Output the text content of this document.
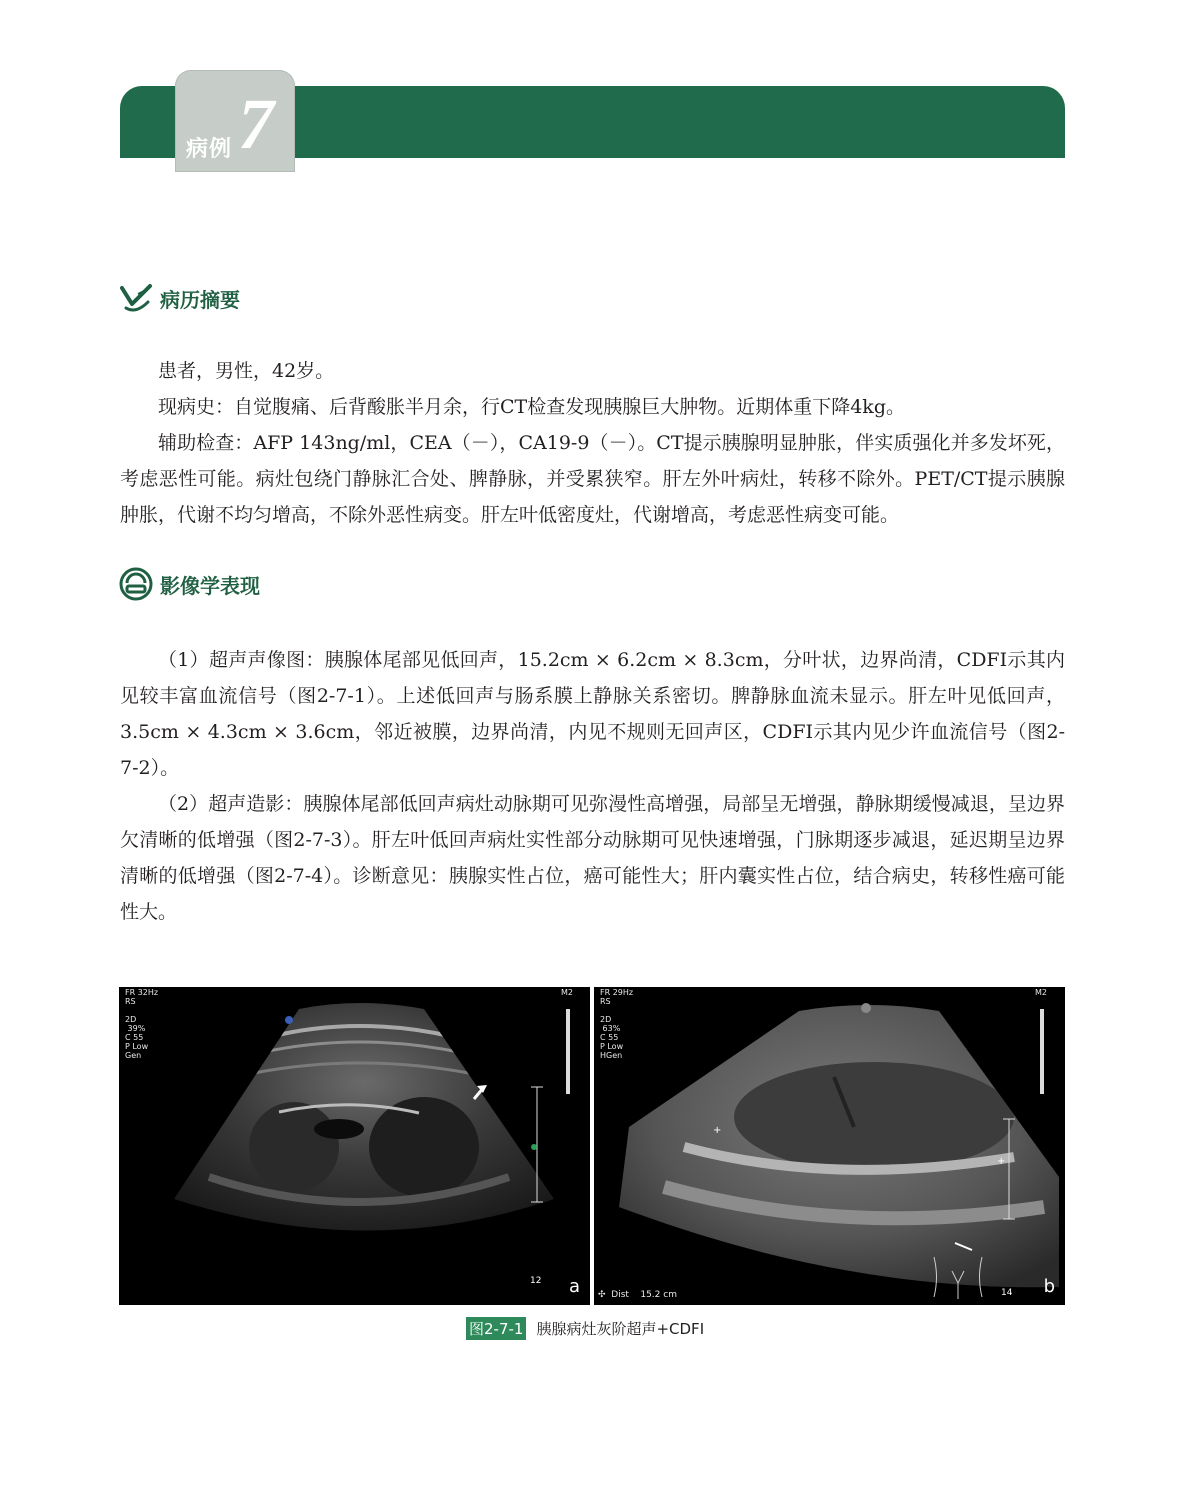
病例 7
病历摘要

患者，男性，42岁。

现病史：自觉腹痛、后背酸胀半月余，行CT检查发现胰腺巨大肿物。近期体重下降4kg。

辅助检查：AFP 143ng/ml，CEA（－），CA19-9（－）。CT提示胰腺明显肿胀，伴实质强化并多发坏死，考虑恶性可能。病灶包绕门静脉汇合处、脾静脉，并受累狭窄。肝左外叶病灶，转移不除外。PET/CT提示胰腺肿胀，代谢不均匀增高，不除外恶性病变。肝左叶低密度灶，代谢增高，考虑恶性病变可能。

影像学表现

（1）超声声像图：胰腺体尾部见低回声，15.2cm × 6.2cm × 8.3cm，分叶状，边界尚清，CDFI示其内见较丰富血流信号（图2-7-1）。上述低回声与肠系膜上静脉关系密切。脾静脉血流未显示。肝左叶见低回声，3.5cm × 4.3cm × 3.6cm，邻近被膜，边界尚清，内见不规则无回声区，CDFI示其内见少许血流信号（图2-7-2）。

（2）超声造影：胰腺体尾部低回声病灶动脉期可见弥漫性高增强，局部呈无增强，静脉期缓慢减退，呈边界欠清晰的低增强（图2-7-3）。肝左叶低回声病灶实性部分动脉期可见快速增强，门脉期逐步减退，延迟期呈边界清晰的低增强（图2-7-4）。诊断意见：胰腺实性占位，癌可能性大；肝内囊实性占位，结合病史，转移性癌可能性大。

FR 32Hz
RS
2D
39%
C 55
P Low
Gen
M2
12 a
+
+
FR 29Hz
RS
2D
63%
C 55
P Low
HGen
M2
14
✣  Dist    15.2 cm	b
图2-7-1 胰腺病灶灰阶超声+CDFI
